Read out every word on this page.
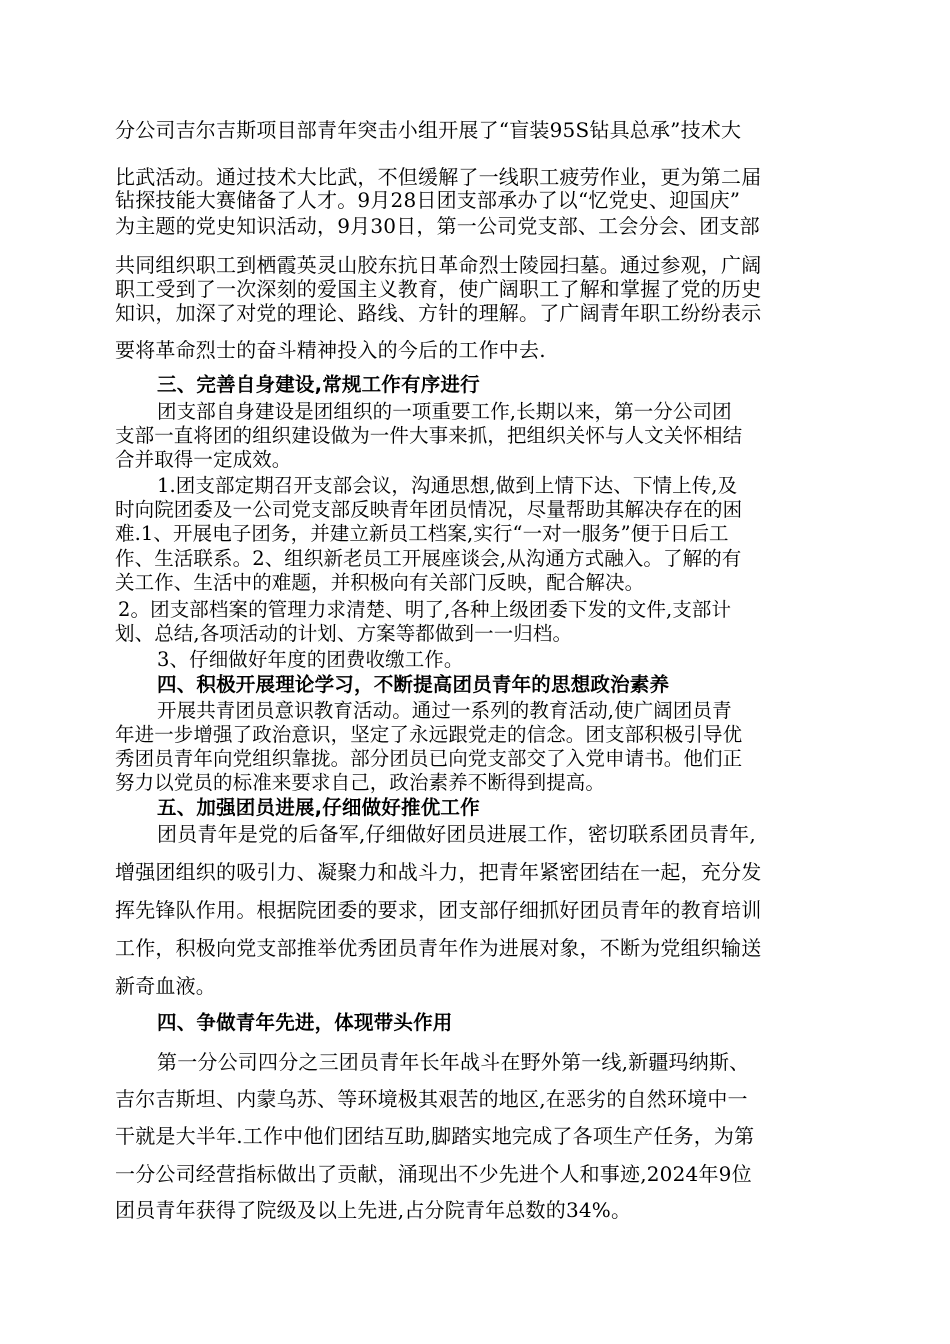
分公司吉尔吉斯项目部青年突击小组开展了“盲装95S钻具总承”技术大
比武活动。通过技术大比武，不但缓解了一线职工疲劳作业，更为第二届
钻探技能大赛储备了人才。9月28日团支部承办了以“忆党史、迎国庆”
为主题的党史知识活动，9月30日，第一公司党支部、工会分会、团支部
共同组织职工到栖霞英灵山胶东抗日革命烈士陵园扫墓。通过参观，广阔
职工受到了一次深刻的爱国主义教育，使广阔职工了解和掌握了党的历史
知识，加深了对党的理论、路线、方针的理解。了广阔青年职工纷纷表示
要将革命烈士的奋斗精神投入的今后的工作中去.
三、完善自身建设,常规工作有序进行
团支部自身建设是团组织的一项重要工作,长期以来，第一分公司团
支部一直将团的组织建设做为一件大事来抓，把组织关怀与人文关怀相结
合并取得一定成效。
1.团支部定期召开支部会议，沟通思想,做到上情下达、下情上传,及
时向院团委及一公司党支部反映青年团员情况，尽量帮助其解决存在的困
难.1、开展电子团务，并建立新员工档案,实行“一对一服务”便于日后工
作、生活联系。2、组织新老员工开展座谈会,从沟通方式融入。了解的有
关工作、生活中的难题，并积极向有关部门反映，配合解决。
2。团支部档案的管理力求清楚、明了,各种上级团委下发的文件,支部计
划、总结,各项活动的计划、方案等都做到一一归档。
3、仔细做好年度的团费收缴工作。
四、积极开展理论学习，不断提高团员青年的思想政治素养
开展共青团员意识教育活动。通过一系列的教育活动,使广阔团员青
年进一步增强了政治意识，坚定了永远跟党走的信念。团支部积极引导优
秀团员青年向党组织靠拢。部分团员已向党支部交了入党申请书。他们正
努力以党员的标准来要求自己，政治素养不断得到提高。
五、加强团员进展,仔细做好推优工作
团员青年是党的后备军,仔细做好团员进展工作，密切联系团员青年,
增强团组织的吸引力、凝聚力和战斗力，把青年紧密团结在一起，充分发
挥先锋队作用。根据院团委的要求，团支部仔细抓好团员青年的教育培训
工作，积极向党支部推举优秀团员青年作为进展对象，不断为党组织输送
新奇血液。
四、争做青年先进，体现带头作用
第一分公司四分之三团员青年长年战斗在野外第一线,新疆玛纳斯、
吉尔吉斯坦、内蒙乌苏、等环境极其艰苦的地区,在恶劣的自然环境中一
干就是大半年.工作中他们团结互助,脚踏实地完成了各项生产任务，为第
一分公司经营指标做出了贡献，涌现出不少先进个人和事迹,2024年9位
团员青年获得了院级及以上先进,占分院青年总数的34%。
